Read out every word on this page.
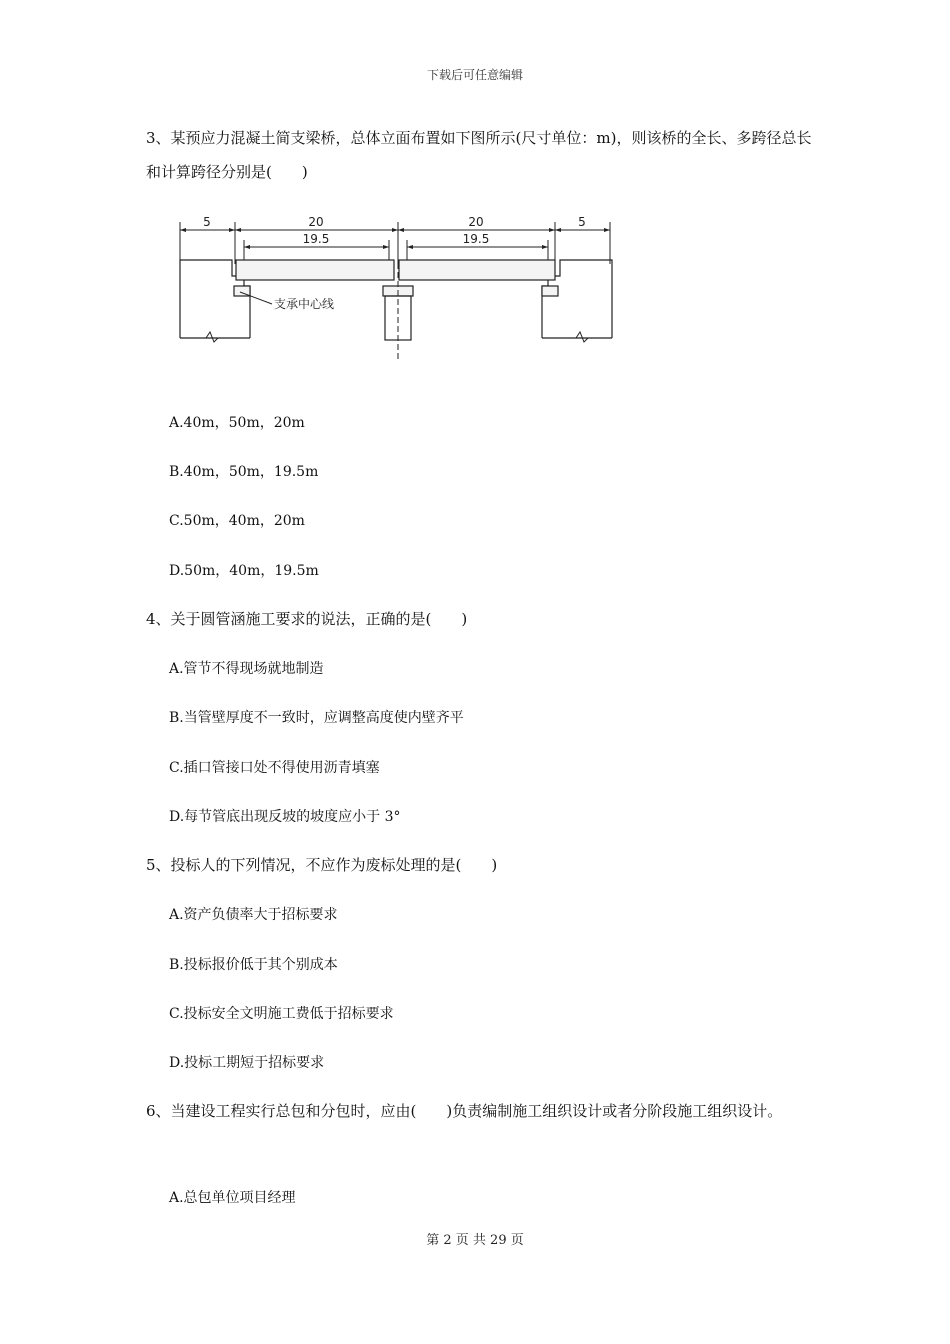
下载后可任意编辑
3、某预应力混凝土简支梁桥，总体立面布置如下图所示(尺寸单位：m)，则该桥的全长、多跨径总长和计算跨径分别是(　　)
5	20	20	5
19.5	19.5
支承中心线
A.40m，50m，20m
B.40m，50m，19.5m
C.50m，40m，20m
D.50m，40m，19.5m
4、关于圆管涵施工要求的说法，正确的是(　　)
A.管节不得现场就地制造
B.当管壁厚度不一致时，应调整高度使内壁齐平
C.插口管接口处不得使用沥青填塞
D.每节管底出现反坡的坡度应小于 3°
5、投标人的下列情况，不应作为废标处理的是(　　)
A.资产负债率大于招标要求
B.投标报价低于其个别成本
C.投标安全文明施工费低于招标要求
D.投标工期短于招标要求
6、当建设工程实行总包和分包时，应由(　　)负责编制施工组织设计或者分阶段施工组织设计。
A.总包单位项目经理
第 2 页 共 29 页
